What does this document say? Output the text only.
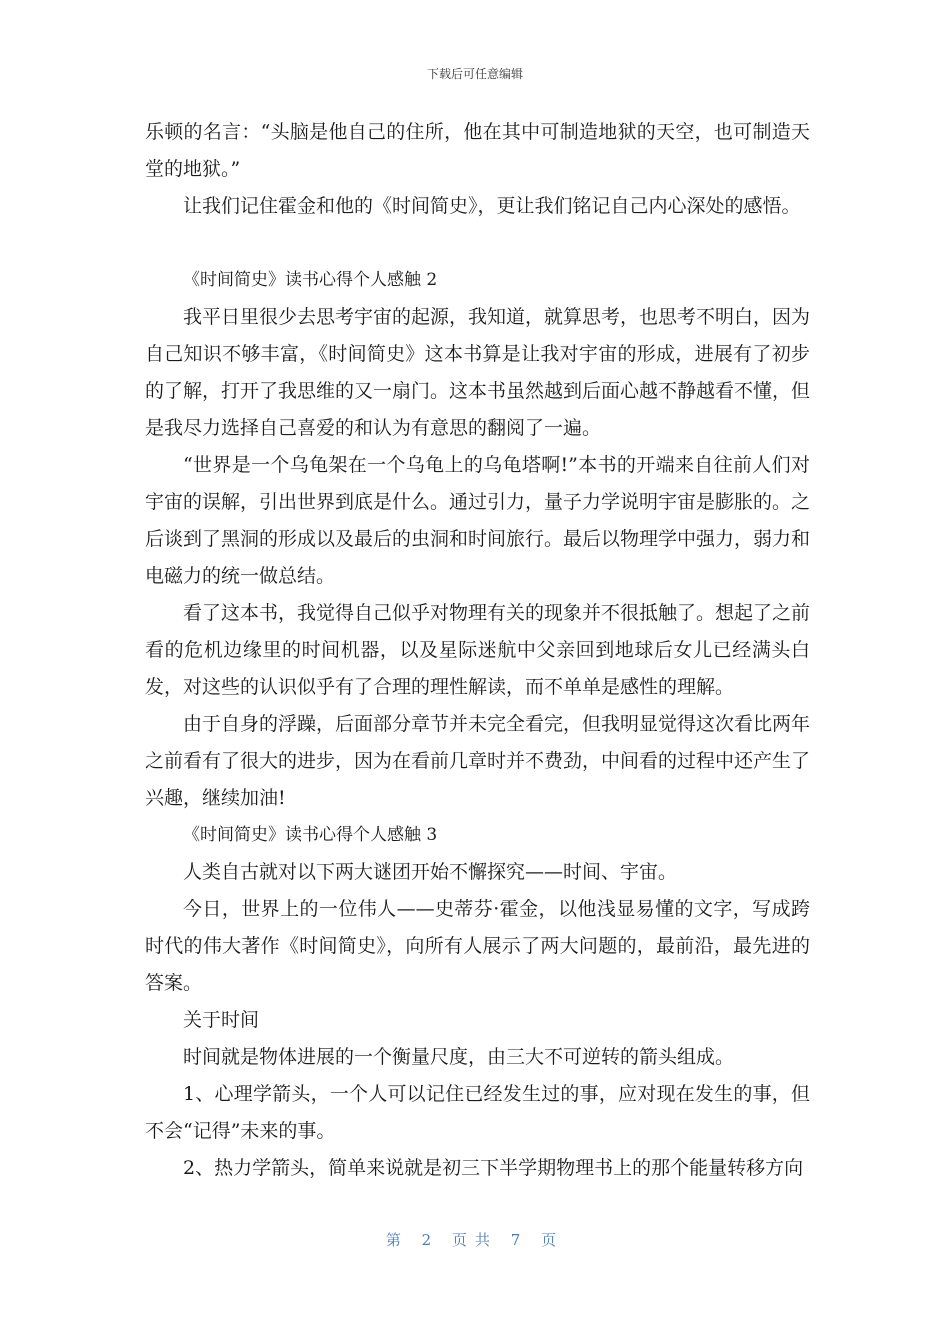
下载后可任意编辑

乐顿的名言：“头脑是他自己的住所，他在其中可制造地狱的天空，也可制造天堂的地狱。”

让我们记住霍金和他的《时间简史》，更让我们铭记自己内心深处的感悟。

《时间简史》读书心得个人感触 2

我平日里很少去思考宇宙的起源，我知道，就算思考，也思考不明白，因为自己知识不够丰富，《时间简史》这本书算是让我对宇宙的形成，进展有了初步的了解，打开了我思维的又一扇门。这本书虽然越到后面心越不静越看不懂，但是我尽力选择自己喜爱的和认为有意思的翻阅了一遍。

“世界是一个乌龟架在一个乌龟上的乌龟塔啊!”本书的开端来自往前人们对宇宙的误解，引出世界到底是什么。通过引力，量子力学说明宇宙是膨胀的。之后谈到了黑洞的形成以及最后的虫洞和时间旅行。最后以物理学中强力，弱力和电磁力的统一做总结。

看了这本书，我觉得自己似乎对物理有关的现象并不很抵触了。想起了之前看的危机边缘里的时间机器，以及星际迷航中父亲回到地球后女儿已经满头白发，对这些的认识似乎有了合理的理性解读，而不单单是感性的理解。

由于自身的浮躁，后面部分章节并未完全看完，但我明显觉得这次看比两年之前看有了很大的进步，因为在看前几章时并不费劲，中间看的过程中还产生了兴趣，继续加油!

《时间简史》读书心得个人感触 3

人类自古就对以下两大谜团开始不懈探究——时间、宇宙。

今日，世界上的一位伟人——史蒂芬·霍金，以他浅显易懂的文字，写成跨时代的伟大著作《时间简史》，向所有人展示了两大问题的，最前沿，最先进的答案。

关于时间

时间就是物体进展的一个衡量尺度，由三大不可逆转的箭头组成。

1、心理学箭头，一个人可以记住已经发生过的事，应对现在发生的事，但不会“记得”未来的事。

2、热力学箭头，简单来说就是初三下半学期物理书上的那个能量转移方向

第 2 页共 7 页
